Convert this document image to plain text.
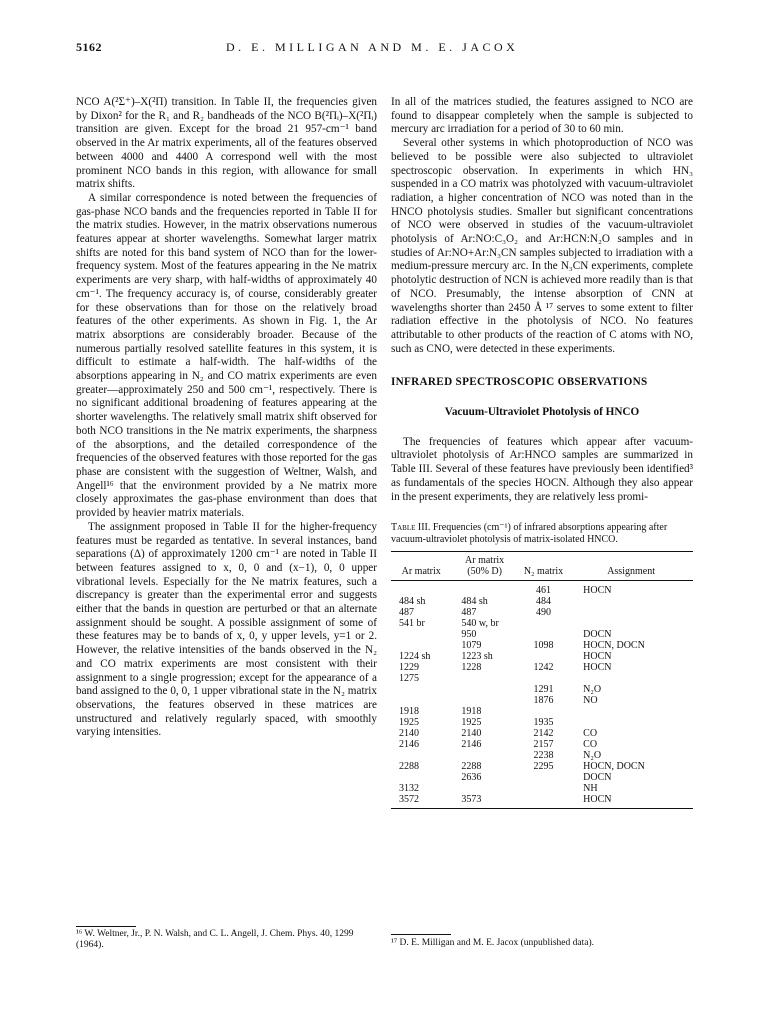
5162	D. E. MILLIGAN AND M. E. JACOX

NCO A(²Σ⁺)–X(²Π) transition. In Table II, the frequencies given by Dixon² for the R₁ and R₂ bandheads of the NCO B(²Πᵢ)–X(²Πᵢ) transition are given. Except for the broad 21 957-cm⁻¹ band observed in the Ar matrix experiments, all of the features observed between 4000 and 4400 A correspond well with the most prominent NCO bands in this region, with allowance for small matrix shifts.

A similar correspondence is noted between the frequencies of gas-phase NCO bands and the frequencies reported in Table II for the matrix studies. However, in the matrix observations numerous features appear at shorter wavelengths. Somewhat larger matrix shifts are noted for this band system of NCO than for the lower-frequency system. Most of the features appearing in the Ne matrix experiments are very sharp, with half-widths of approximately 40 cm⁻¹. The frequency accuracy is, of course, considerably greater for these observations than for those on the relatively broad features of the other experiments. As shown in Fig. 1, the Ar matrix absorptions are considerably broader. Because of the numerous partially resolved satellite features in this system, it is difficult to estimate a half-width. The half-widths of the absorptions appearing in N₂ and CO matrix experiments are even greater—approximately 250 and 500 cm⁻¹, respectively. There is no significant additional broadening of features appearing at the shorter wavelengths. The relatively small matrix shift observed for both NCO transitions in the Ne matrix experiments, the sharpness of the absorptions, and the detailed correspondence of the frequencies of the observed features with those reported for the gas phase are consistent with the suggestion of Weltner, Walsh, and Angell¹⁶ that the environment provided by a Ne matrix more closely approximates the gas-phase environment than does that provided by heavier matrix materials.

The assignment proposed in Table II for the higher-frequency features must be regarded as tentative. In several instances, band separations (Δ) of approximately 1200 cm⁻¹ are noted in Table II between features assigned to x, 0, 0 and (x−1), 0, 0 upper vibrational levels. Especially for the Ne matrix features, such a discrepancy is greater than the experimental error and suggests either that the bands in question are perturbed or that an alternate assignment should be sought. A possible assignment of some of these features may be to bands of x, 0, y upper levels, y=1 or 2. However, the relative intensities of the bands observed in the N₂ and CO matrix experiments are most consistent with their assignment to a single progression; except for the appearance of a band assigned to the 0, 0, 1 upper vibrational state in the N₂ matrix observations, the features observed in these matrices are unstructured and relatively regularly spaced, with smoothly varying intensities.

In all of the matrices studied, the features assigned to NCO are found to disappear completely when the sample is subjected to mercury arc irradiation for a period of 30 to 60 min.

Several other systems in which photoproduction of NCO was believed to be possible were also subjected to ultraviolet spectroscopic observation. In experiments in which HN₃ suspended in a CO matrix was photolyzed with vacuum-ultraviolet radiation, a higher concentration of NCO was noted than in the HNCO photolysis studies. Smaller but significant concentrations of NCO were observed in studies of the vacuum-ultraviolet photolysis of Ar:NO:C₃O₂ and Ar:HCN:N₂O samples and in studies of Ar:NO+Ar:N₃CN samples subjected to irradiation with a medium-pressure mercury arc. In the N₃CN experiments, complete photolytic destruction of NCN is achieved more readily than is that of NCO. Presumably, the intense absorption of CNN at wavelengths shorter than 2450 Å ¹⁷ serves to some extent to filter radiation effective in the photolysis of NCO. No features attributable to other products of the reaction of C atoms with NO, such as CNO, were detected in these experiments.

INFRARED SPECTROSCOPIC OBSERVATIONS
Vacuum-Ultraviolet Photolysis of HNCO

The frequencies of features which appear after vacuum-ultraviolet photolysis of Ar:HNCO samples are summarized in Table III. Several of these features have previously been identified³ as fundamentals of the species HOCN. Although they also appear in the present experiments, they are relatively less promi-

Table III. Frequencies (cm⁻¹) of infrared absorptions appearing after vacuum-ultraviolet photolysis of matrix-isolated HNCO.
Ar matrix	Ar matrix (50% D)	N₂ matrix	Assignment
		461	HOCN
484 sh	484 sh	484	
487	487	490	
541 br	540 w, br		
	950		DOCN
	1079	1098	HOCN, DOCN
1224 sh	1223 sh		HOCN
1229	1228	1242	HOCN
1275			
		1291	N₂O
		1876	NO
1918	1918		
1925	1925	1935	
2140	2140	2142	CO
2146	2146	2157	CO
		2238	N₂O
2288	2288	2295	HOCN, DOCN
	2636		DOCN
3132			NH
3572	3573		HOCN
¹⁶ W. Weltner, Jr., P. N. Walsh, and C. L. Angell, J. Chem. Phys. 40, 1299 (1964).	¹⁷ D. E. Milligan and M. E. Jacox (unpublished data).
